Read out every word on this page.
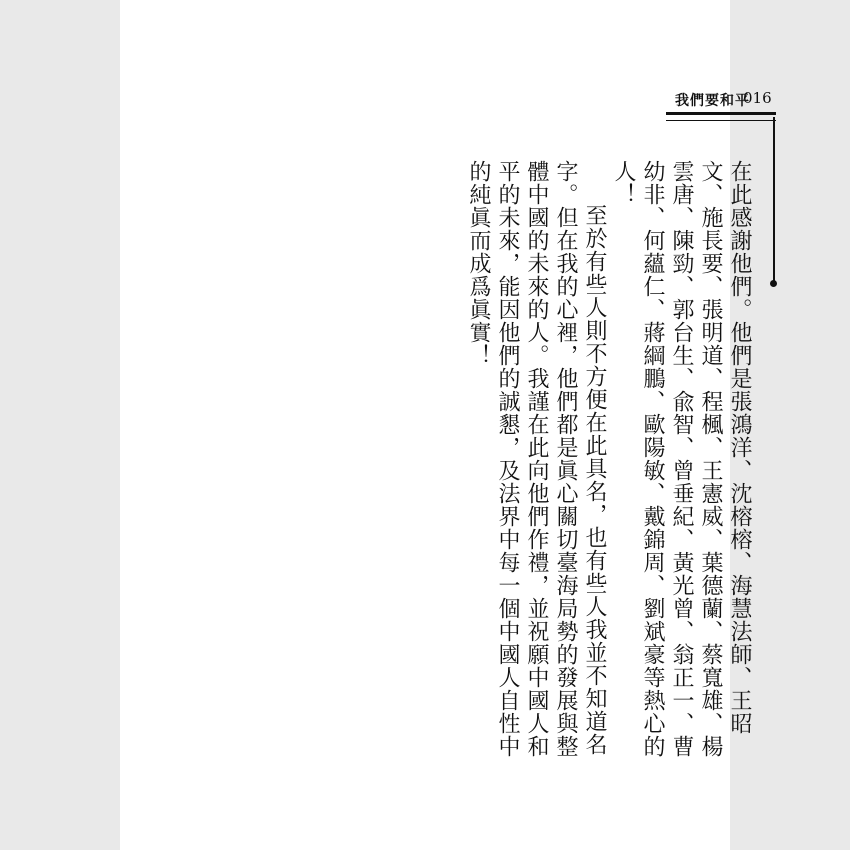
我們要和平
016

在此感謝他們。他們是張鴻洋、沈榕榕、海慧法師、王昭文、施長要、張明道、程楓、王憲威、葉德蘭、蔡寬雄、楊雲唐、陳勁、郭台生、兪智、曾垂紀、黃光曾、翁正一、曹幼非、何蘊仁、蔣綱鵬、歐陽敏、戴錦周、劉斌豪等熱心的人！

至於有些人則不方便在此具名，也有些人我並不知道名字。但在我的心裡，他們都是眞心關切臺海局勢的發展與整體中國的未來的人。我謹在此向他們作禮，並祝願中國人和平的未來，能因他們的誠懇，及法界中每一個中國人自性中的純眞而成爲眞實！
